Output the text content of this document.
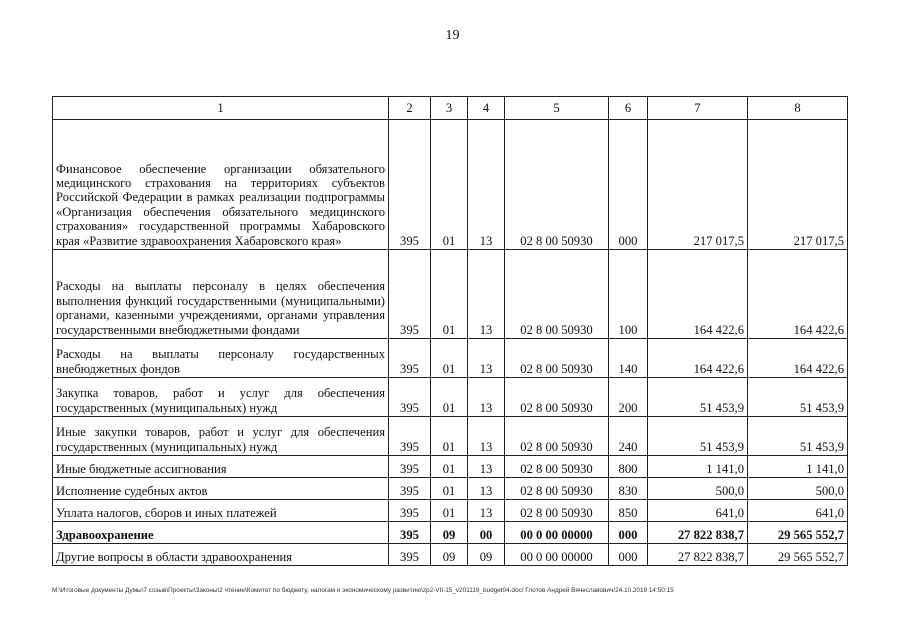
19
1	2	3	4	5	6	7	8
Финансовое обеспечение организации обязательного медицинского страхования на территориях субъектов Российской Федерации в рамках реализации подпрограммы «Организация обеспечения обязательного медицинского страхования» государственной программы Хабаровского края «Развитие здравоохранения Хабаровского края»	395	01	13	02 8 00 50930	000	217 017,5	217 017,5
Расходы на выплаты персоналу в целях обеспечения выполнения функций государственными (муниципальными) органами, казенными учреждениями, органами управления государственными внебюджетными фондами	395	01	13	02 8 00 50930	100	164 422,6	164 422,6
Расходы на выплаты персоналу государственных внебюджетных фондов	395	01	13	02 8 00 50930	140	164 422,6	164 422,6
Закупка товаров, работ и услуг для обеспечения государственных (муниципальных) нужд	395	01	13	02 8 00 50930	200	51 453,9	51 453,9
Иные закупки товаров, работ и услуг для обеспечения государственных (муниципальных) нужд	395	01	13	02 8 00 50930	240	51 453,9	51 453,9
Иные бюджетные ассигнования	395	01	13	02 8 00 50930	800	1 141,0	1 141,0
Исполнение судебных актов	395	01	13	02 8 00 50930	830	500,0	500,0
Уплата налогов, сборов и иных платежей	395	01	13	02 8 00 50930	850	641,0	641,0
Здравоохранение	395	09	00	00 0 00 00000	000	27 822 838,7	29 565 552,7
Другие вопросы в области здравоохранения	395	09	09	00 0 00 00000	000	27 822 838,7	29 565 552,7
M:\Итоговые документы Думы\7 созыв\Проекты\Законы\2 чтение\Комитет по бюджету, налогам и экономическому развитию\zp2-VII-15_v201119_budget04.doc/ Глотов Андрей Вячеславович/24.10.2019 14:50:15
